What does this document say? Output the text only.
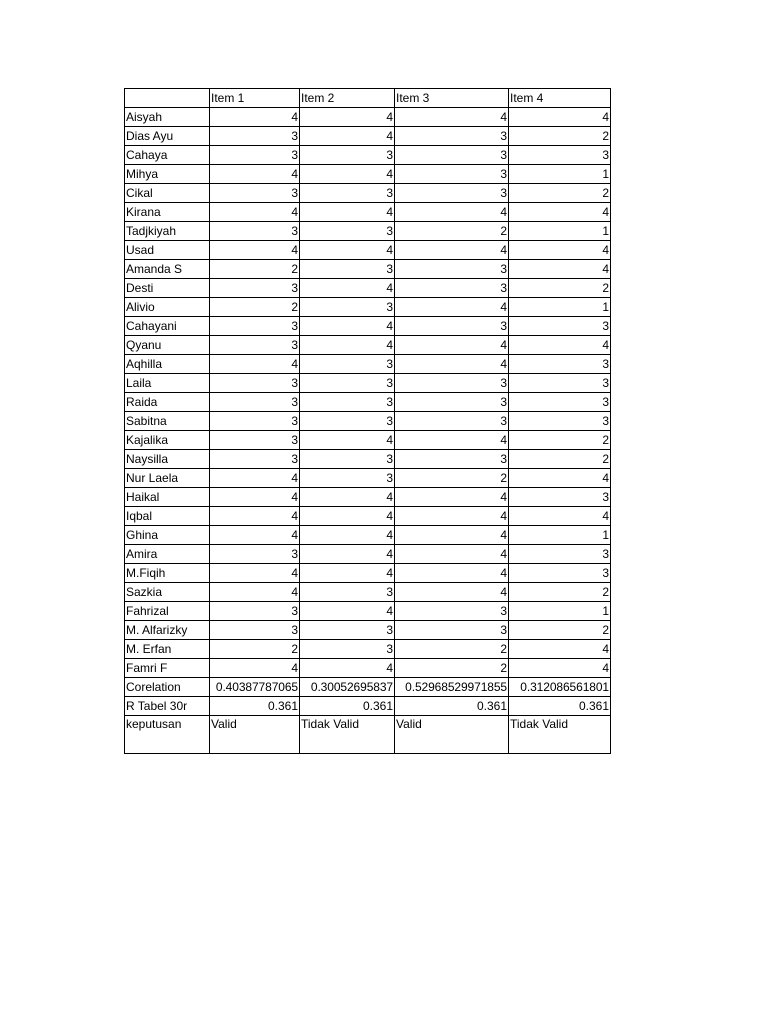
	Item 1	Item 2	Item 3	Item 4
Aisyah	4	4	4	4
Dias Ayu	3	4	3	2
Cahaya	3	3	3	3
Mihya	4	4	3	1
Cikal	3	3	3	2
Kirana	4	4	4	4
Tadjkiyah	3	3	2	1
Usad	4	4	4	4
Amanda S	2	3	3	4
Desti	3	4	3	2
Alivio	2	3	4	1
Cahayani	3	4	3	3
Qyanu	3	4	4	4
Aqhilla	4	3	4	3
Laila	3	3	3	3
Raida	3	3	3	3
Sabitna	3	3	3	3
Kajalika	3	4	4	2
Naysilla	3	3	3	2
Nur Laela	4	3	2	4
Haikal	4	4	4	3
Iqbal	4	4	4	4
Ghina	4	4	4	1
Amira	3	4	4	3
M.Fiqih	4	4	4	3
Sazkia	4	3	4	2
Fahrizal	3	4	3	1
M. Alfarizky	3	3	3	2
M. Erfan	2	3	2	4
Famri F	4	4	2	4
Corelation	0.40387787065	0.30052695837	0.52968529971855	0.312086561801
R Tabel 30r	0.361	0.361	0.361	0.361
keputusan	Valid	Tidak Valid	Valid	Tidak Valid
